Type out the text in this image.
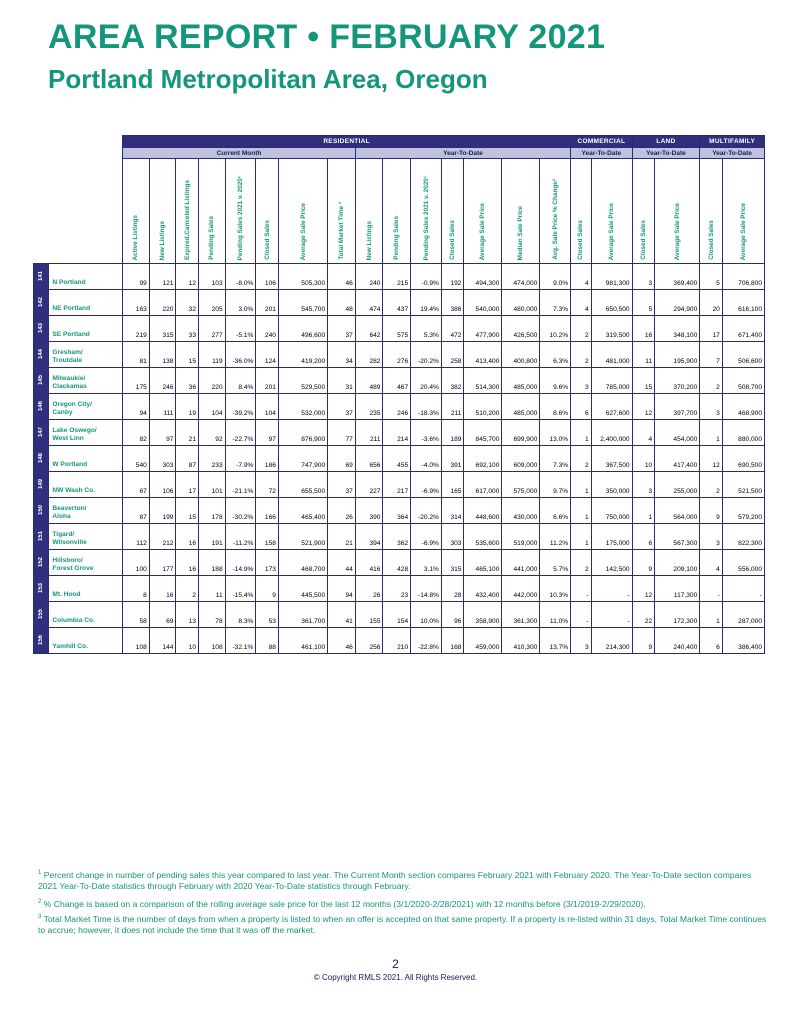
AREA REPORT • FEBRUARY 2021
Portland Metropolitan Area, Oregon
		RESIDENTIAL															COMMERCIAL		LAND		MULTIFAMILY	
		Current Month								Year-To-Date							Year-To-Date		Year-To-Date		Year-To-Date	

		Active Listings	New Listings	Expired.Canceled Listings	Pending Sales	Pending Sales 2021 v. 2020¹	Closed Sales	Average Sale Price	Total Market Time ³	New Listings	Pending Sales	Pending Sales 2021 v. 2020¹	Closed Sales	Average Sale Price	Median Sale Price	Avg. Sale Price % Change²	Closed Sales	Average Sale Price	Closed Sales	Average Sale Price	Closed Sales	Average Sale Price

141	N Portland	99	121	12	103	-8.0%	106	505,300	46	240	215	-0.9%	192	494,300	474,000	9.0%	4	981,300	3	369,400	5	706,800

142	NE Portland	163	220	32	205	3.0%	201	545,700	48	474	437	19.4%	386	540,000	480,000	7.3%	4	650,500	5	294,900	20	616,100

143	SE Portland	219	315	33	277	-5.1%	240	496,600	37	642	575	5.3%	472	477,900	426,500	10.2%	2	319,500	16	348,100	17	671,400

144	Gresham/
Troutdale	81	138	15	119	-36.0%	124	419,200	34	282	276	-20.2%	258	413,400	400,800	6.3%	2	481,000	11	195,900	7	506,600

145	Milwaukie/
Clackamas	175	246	36	220	8.4%	201	529,500	31	489	467	20.4%	382	514,300	485,000	9.6%	3	785,000	15	370,200	2	508,700

146	Oregon City/
Canby	94	111	19	104	-39.2%	104	532,000	37	235	246	-18.3%	211	510,200	485,000	8.6%	6	627,600	12	397,700	3	468,900

147	Lake Oswego/
West Linn	82	97	21	92	-22.7%	97	876,900	77	211	214	-3.6%	189	845,700	699,900	13.0%	1	2,400,000	4	454,000	1	880,000

148	W Portland	540	303	87	233	-7.9%	186	747,900	69	656	455	-4.0%	391	692,100	609,000	7.3%	2	367,500	10	417,400	12	690,500

149	NW Wash Co.	67	106	17	101	-21.1%	72	655,500	37	227	217	-6.9%	165	617,000	575,000	9.7%	1	350,000	3	255,000	2	521,500

150	Beaverton/
Aloha	87	199	15	178	-30.2%	166	465,400	26	390	364	-20.2%	314	448,600	430,000	6.6%	1	750,000	1	564,000	9	579,200

151	Tigard/
Wilsonville	112	212	16	191	-11.2%	158	521,900	21	394	362	-6.9%	303	535,600	519,000	11.2%	1	175,000	6	567,300	3	822,300

152	Hillsboro/
Forest Grove	100	177	16	188	-14.9%	173	468,700	44	416	428	3.1%	315	465,100	441,000	5.7%	2	142,500	9	209,100	4	556,000

153	Mt. Hood	8	16	2	11	-15.4%	9	445,500	94	26	23	-14.8%	28	432,400	442,000	10.3%	-	-	12	117,300	-	-

155	Columbia Co.	58	69	13	78	8.3%	53	361,700	41	155	154	10.0%	96	358,900	361,300	11.0%	-	-	22	172,300	1	287,000

156	Yamhill Co.	108	144	10	108	-32.1%	88	461,100	46	256	210	-22.8%	168	459,000	410,300	13.7%	3	214,300	9	240,400	6	386,400
$^1$ Percent change in number of pending sales this year compared to last year. The Current Month section compares February 2021 with February 2020. The Year-To-Date section compares 2021 Year-To-Date statistics through February with 2020 Year-To-Date statistics through February.
$^2$ % Change is based on a comparison of the rolling average sale price for the last 12 months (3/1/2020-2/28/2021) with 12 months before (3/1/2019-2/29/2020).
$^3$ Total Market Time is the number of days from when a property is listed to when an offer is accepted on that same property. If a property is re-listed within 31 days, Total Market Time continues to accrue; however, it does not include the time that it was off the market.
2
© Copyright RMLS 2021. All Rights Reserved.
